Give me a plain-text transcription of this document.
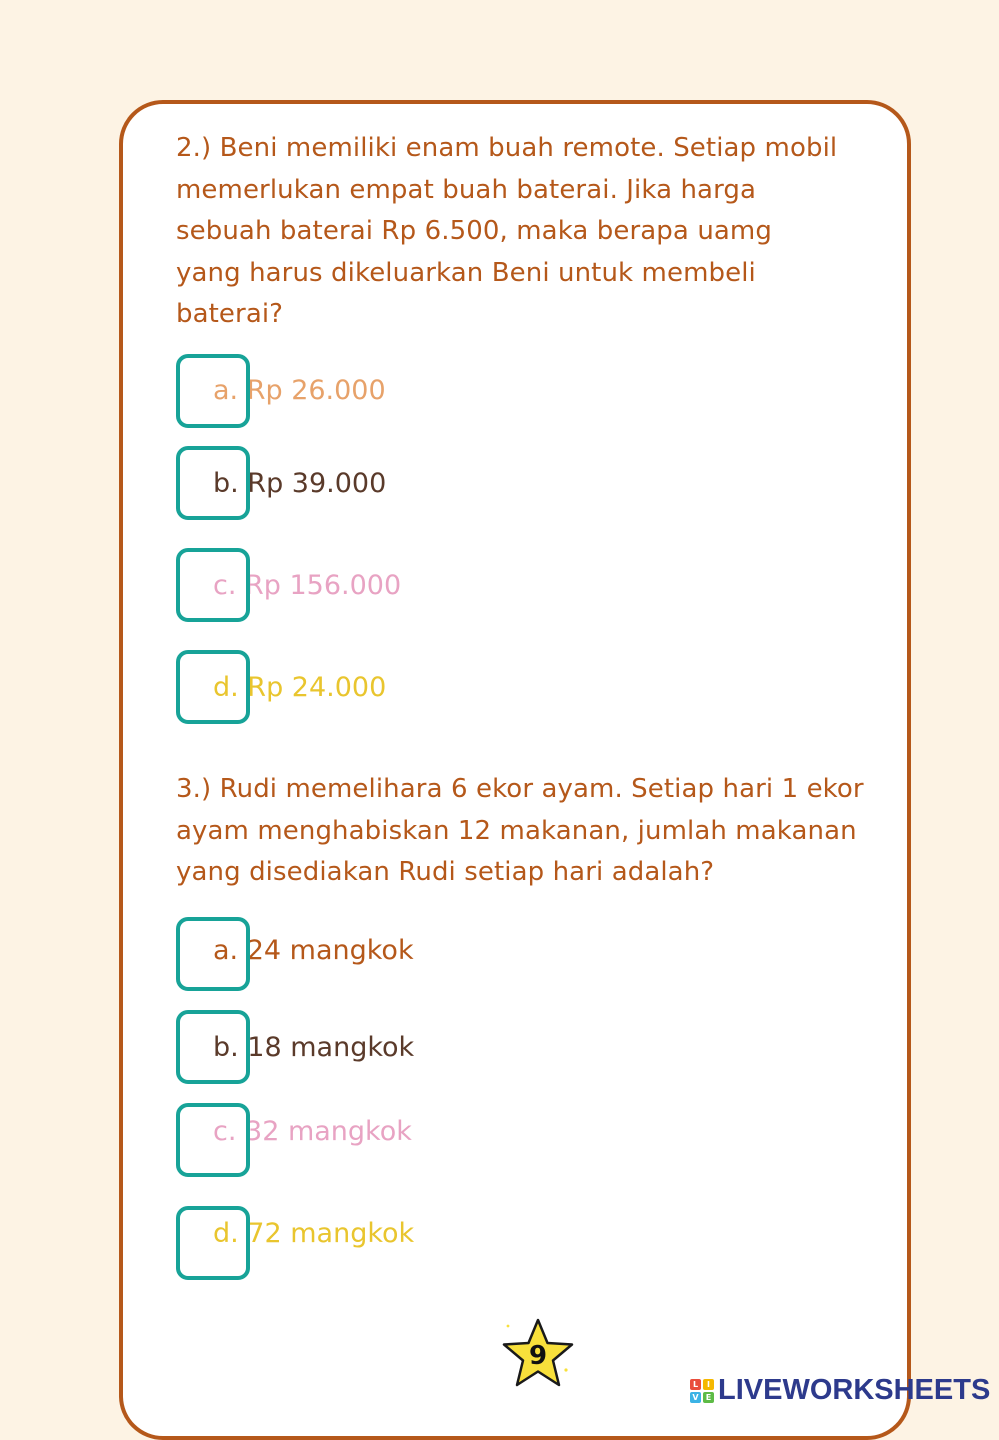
2.) Beni memiliki enam buah remote. Setiap mobil
memerlukan empat buah baterai. Jika harga
sebuah baterai Rp 6.500, maka berapa uamg
yang harus dikeluarkan Beni untuk membeli
baterai?

a. Rp 26.000
b. Rp 39.000
c. Rp 156.000
d. Rp 24.000

3.) Rudi memelihara 6 ekor ayam. Setiap hari 1 ekor
ayam menghabiskan 12 makanan, jumlah makanan
yang disediakan Rudi setiap hari adalah?

a. 24 mangkok
b. 18 mangkok
c. 32 mangkok
d. 72 mangkok
9
L	I
V E LIVEWORKSHEETS
